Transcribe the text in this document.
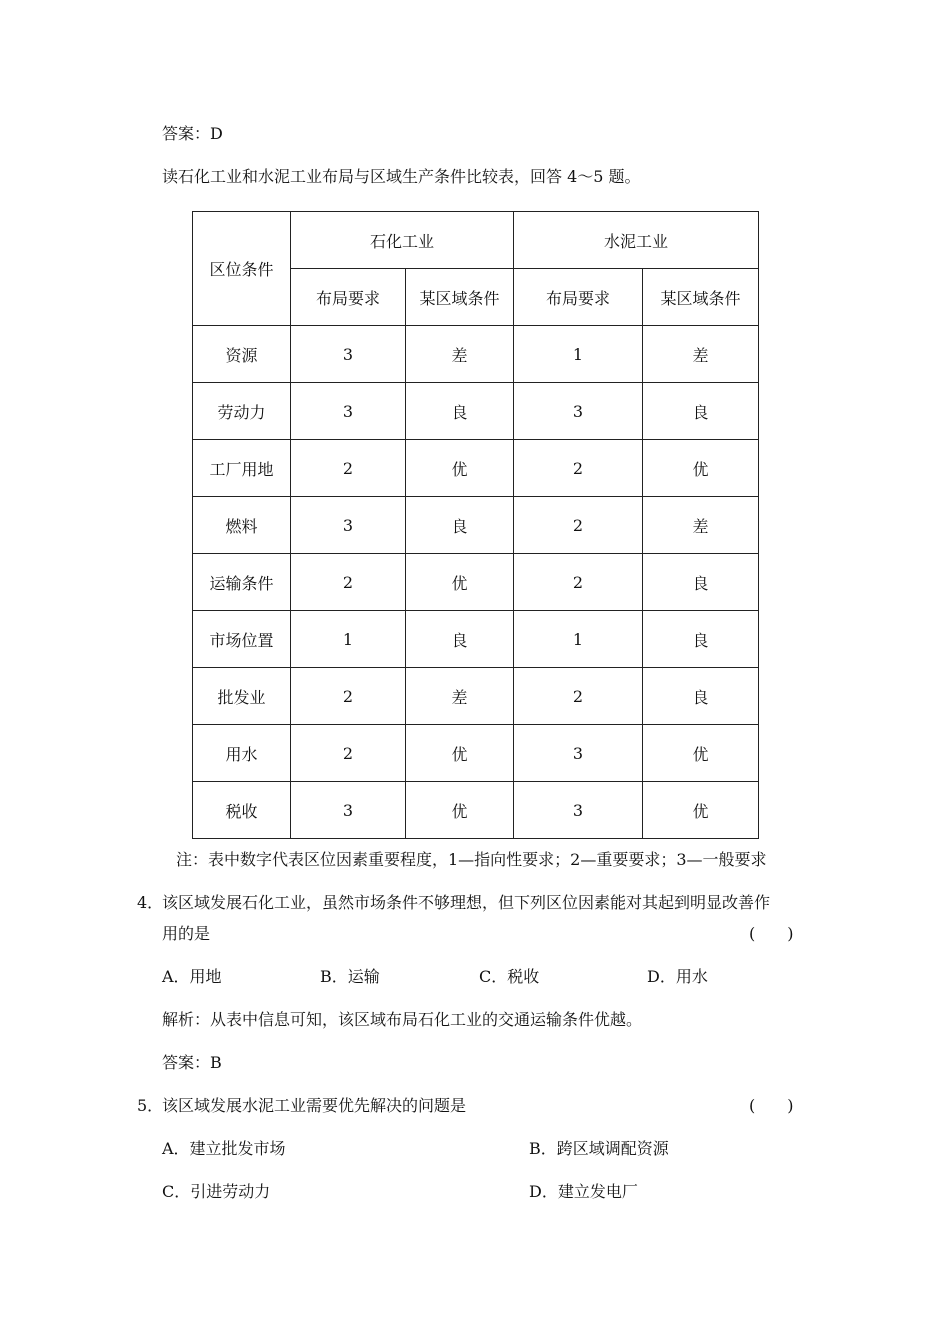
答案：D
读石化工业和水泥工业布局与区域生产条件比较表，回答 4～5 题。
区位条件	石化工业		水泥工业	
	布局要求	某区域条件	布局要求	某区域条件
资源	3	差	1	差
劳动力	3	良	3	良
工厂用地	2	优	2	优
燃料	3	良	2	差
运输条件	2	优	2	良
市场位置	1	良	1	良
批发业	2	差	2	良
用水	2	优	3	优
税收	3	优	3	优
注：表中数字代表区位因素重要程度，1—指向性要求；2—重要要求；3—一般要求
4．
该区域发展石化工业，虽然市场条件不够理想，但下列区位因素能对其起到明显改善作
用的是	(　　)
A．用地	B．运输	C．税收	D．用水
解析：从表中信息可知，该区域布局石化工业的交通运输条件优越。
答案：B
5．
该区域发展水泥工业需要优先解决的问题是	(　　)
A．建立批发市场	B．跨区域调配资源
C．引进劳动力	D．建立发电厂
